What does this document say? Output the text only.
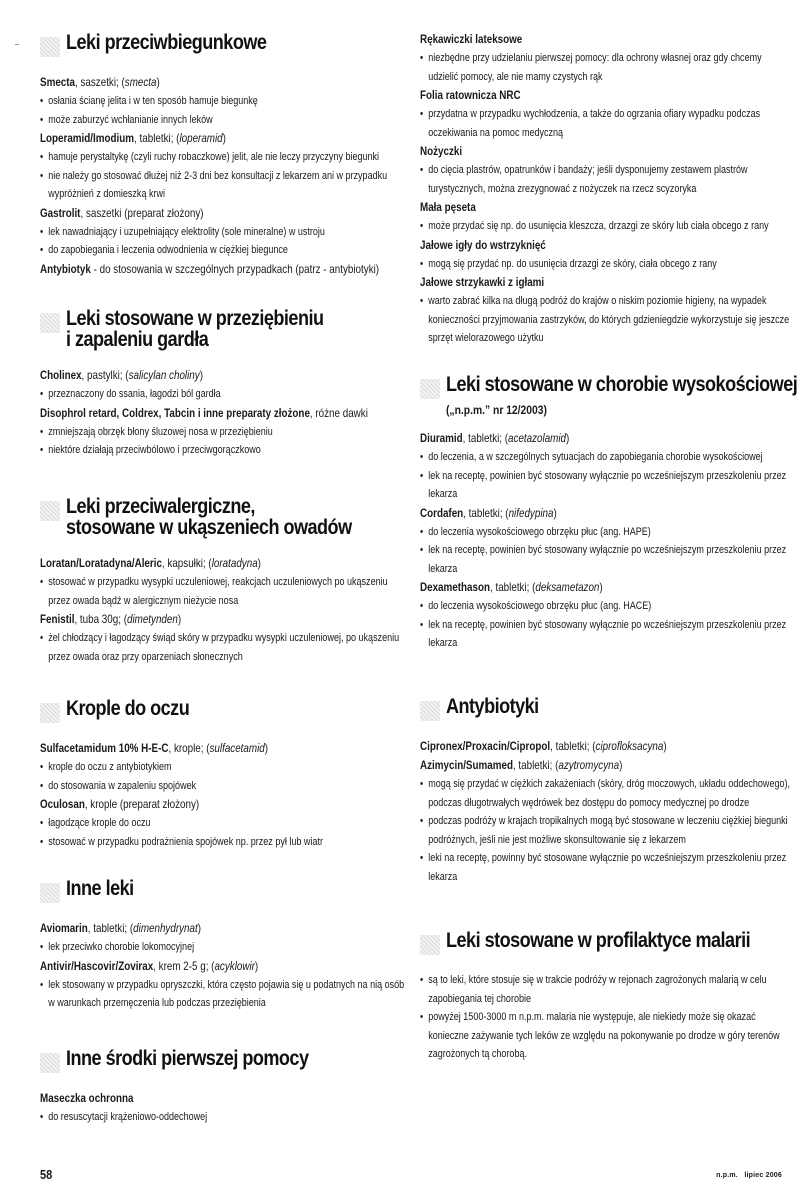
Leki przeciwbiegunkowe
Smecta, saszetki; (smecta)
• osłania ścianę jelita i w ten sposób hamuje biegunkę
• może zaburzyć wchłanianie innych leków
Loperamid/Imodium, tabletki; (loperamid)
• hamuje perystaltykę (czyli ruchy robaczkowe) jelit, ale nie leczy przyczyny biegunki
• nie należy go stosować dłużej niż 2-3 dni bez konsultacji z lekarzem ani w przypadku wypróżnień z domieszką krwi
Gastrolit, saszetki (preparat złożony)
• lek nawadniający i uzupełniający elektrolity (sole mineralne) w ustroju
• do zapobiegania i leczenia odwodnienia w ciężkiej biegunce
Antybiotyk - do stosowania w szczególnych przypadkach (patrz - antybiotyki)
Leki stosowane w przeziębieniu
i zapaleniu gardła
Cholinex, pastylki; (salicylan choliny)
• przeznaczony do ssania, łagodzi ból gardła
Disophrol retard, Coldrex, Tabcin i inne preparaty złożone, różne dawki
• zmniejszają obrzęk błony śluzowej nosa w przeziębieniu
• niektóre działają przeciwbólowo i przeciwgorączkowo
Leki przeciwalergiczne,
stosowane w ukąszeniech owadów
Loratan/Loratadyna/Aleric, kapsułki; (loratadyna)
• stosować w przypadku wysypki uczuleniowej, reakcjach uczuleniowych po ukąszeniu przez owada bądź w alergicznym nieżycie nosa
Fenistil, tuba 30g; (dimetynden)
• żel chłodzący i łagodzący świąd skóry w przypadku wysypki uczuleniowej, po ukąszeniu przez owada oraz przy oparzeniach słonecznych
Krople do oczu
Sulfacetamidum 10% H-E-C, krople; (sulfacetamid)
• krople do oczu z antybiotykiem
• do stosowania w zapaleniu spojówek
Oculosan, krople (preparat złożony)
• łagodzące krople do oczu
• stosować w przypadku podrażnienia spojówek np. przez pył lub wiatr
Inne leki
Aviomarin, tabletki; (dimenhydrynat)
• lek przeciwko chorobie lokomocyjnej
Antivir/Hascovir/Zovirax, krem 2-5 g; (acyklowir)
• lek stosowany w przypadku opryszczki, która często pojawia się u podatnych na nią osób w warunkach przemęczenia lub podczas przeziębienia
Inne środki pierwszej pomocy
Maseczka ochronna
• do resuscytacji krążeniowo-oddechowej
Rękawiczki lateksowe
• niezbędne przy udzielaniu pierwszej pomocy: dla ochrony własnej oraz gdy chcemy udzielić pomocy, ale nie mamy czystych rąk
Folia ratownicza NRC
• przydatna w przypadku wychłodzenia, a także do ogrzania ofiary wypadku podczas oczekiwania na pomoc medyczną
Nożyczki
• do cięcia plastrów, opatrunków i bandaży; jeśli dysponujemy zestawem plastrów turystycznych, można zrezygnować z nożyczek na rzecz scyzoryka
Mała pęseta
• może przydać się np. do usunięcia kleszcza, drzazgi ze skóry lub ciała obcego z rany
Jałowe igły do wstrzyknięć
• mogą się przydać np. do usunięcia drzazgi ze skóry, ciała obcego z rany
Jałowe strzykawki z igłami
• warto zabrać kilka na długą podróż do krajów o niskim poziomie higieny, na wypadek konieczności przyjmowania zastrzyków, do których gdzieniegdzie wykorzystuje się jeszcze sprzęt wielorazowego użytku
Leki stosowane w chorobie wysokościowej
(„n.p.m.” nr 12/2003)
Diuramid, tabletki; (acetazolamid)
• do leczenia, a w szczególnych sytuacjach do zapobiegania chorobie wysokościowej
• lek na receptę, powinien być stosowany wyłącznie po wcześniejszym przeszkoleniu przez lekarza
Cordafen, tabletki; (nifedypina)
• do leczenia wysokościowego obrzęku płuc (ang. HAPE)
• lek na receptę, powinien być stosowany wyłącznie po wcześniejszym przeszkoleniu przez lekarza
Dexamethason, tabletki; (deksametazon)
• do leczenia wysokościowego obrzęku płuc (ang. HACE)
• lek na receptę, powinien być stosowany wyłącznie po wcześniejszym przeszkoleniu przez lekarza
Antybiotyki
Cipronex/Proxacin/Cipropol, tabletki; (ciprofloksacyna)
Azimycin/Sumamed, tabletki; (azytromycyna)
• mogą się przydać w ciężkich zakażeniach (skóry, dróg moczowych, układu oddechowego), podczas długotrwałych wędrówek bez dostępu do pomocy medycznej po drodze
• podczas podróży w krajach tropikalnych mogą być stosowane w leczeniu ciężkiej biegunki podróżnych, jeśli nie jest możliwe skonsultowanie się z lekarzem
• leki na receptę, powinny być stosowane wyłącznie po wcześniejszym przeszkoleniu przez lekarza
Leki stosowane w profilaktyce malarii
• są to leki, które stosuje się w trakcie podróży w rejonach zagrożonych malarią w celu zapobiegania tej chorobie
• powyżej 1500-3000 m n.p.m. malaria nie występuje, ale niekiedy może się okazać konieczne zażywanie tych leków ze względu na pokonywanie po drodze w góry terenów zagrożonych tą chorobą.
58	n.p.m. lipiec 2006
